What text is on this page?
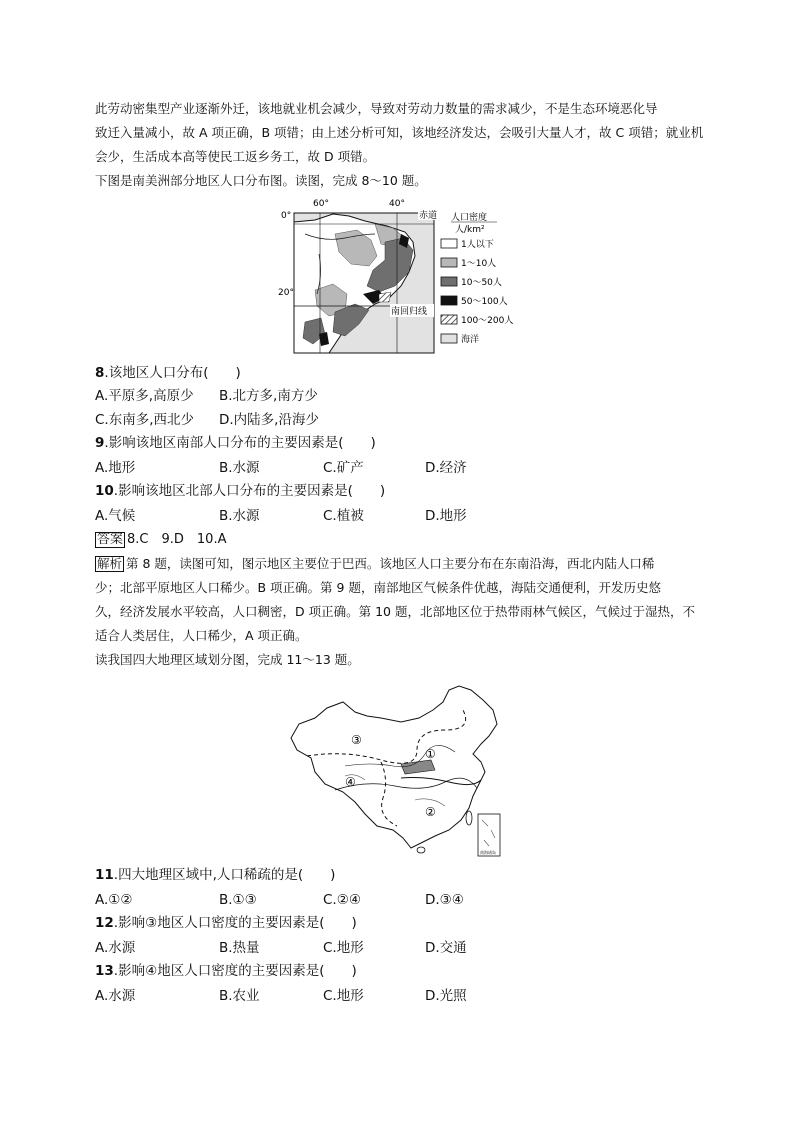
此劳动密集型产业逐渐外迁，该地就业机会减少，导致对劳动力数量的需求减少，不是生态环境恶化导
致迁入量减小，故 A 项正确，B 项错；由上述分析可知，该地经济发达，会吸引大量人才，故 C 项错；就业机
会少，生活成本高等使民工返乡务工，故 D 项错。
下图是南美洲部分地区人口分布图。读图，完成 8～10 题。
60°	40°
0°
20°
赤道
南回归线
人口密度
人/km²
1人以下
1～10人
10～50人
50～100人
100～200人
海洋
8.该地区人口分布(　　)
A.平原多,高原少 B.北方多,南方少
C.东南多,西北少 D.内陆多,沿海少
9.影响该地区南部人口分布的主要因素是(　　)
A.地形	B.水源	C.矿产	D.经济
10.影响该地区北部人口分布的主要因素是(　　)
A.气候	B.水源	C.植被	D.地形
答案 8.C　9.D　10.A
解析 第 8 题，读图可知，图示地区主要位于巴西。该地区人口主要分布在东南沿海，西北内陆人口稀
少；北部平原地区人口稀少。B 项正确。第 9 题，南部地区气候条件优越，海陆交通便利，开发历史悠
久，经济发展水平较高，人口稠密，D 项正确。第 10 题，北部地区位于热带雨林气候区，气候过于湿热，不
适合人类居住，人口稀少，A 项正确。
读我国四大地理区域划分图，完成 11～13 题。
①
②
③
④
南海诸岛
11.四大地理区域中,人口稀疏的是(　　)
A.①②	B.①③	C.②④	D.③④
12.影响③地区人口密度的主要因素是(　　)
A.水源	B.热量	C.地形	D.交通
13.影响④地区人口密度的主要因素是(　　)
A.水源	B.农业	C.地形	D.光照
